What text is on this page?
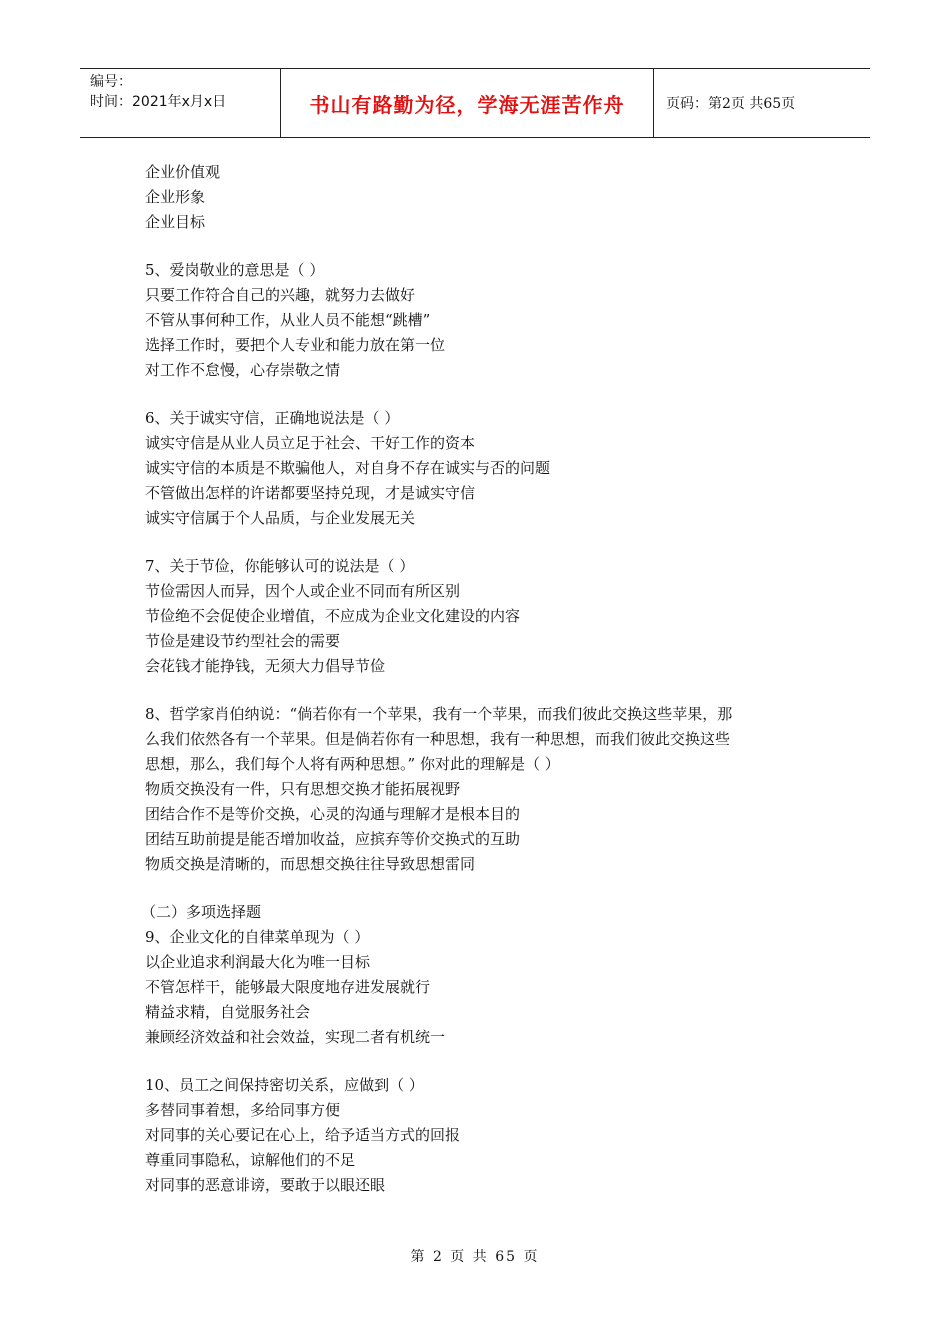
编号：
时间：2021年x月x日	书山有路勤为径，学海无涯苦作舟	页码：第2页 共65页

企业价值观

企业形象

企业目标

5、爱岗敬业的意思是（ ）

只要工作符合自己的兴趣，就努力去做好

不管从事何种工作，从业人员不能想“跳槽”

选择工作时，要把个人专业和能力放在第一位

对工作不怠慢，心存崇敬之情

6、关于诚实守信，正确地说法是（ ）

诚实守信是从业人员立足于社会、干好工作的资本

诚实守信的本质是不欺骗他人，对自身不存在诚实与否的问题

不管做出怎样的许诺都要坚持兑现，才是诚实守信

诚实守信属于个人品质，与企业发展无关

7、关于节俭，你能够认可的说法是（ ）

节俭需因人而异，因个人或企业不同而有所区别

节俭绝不会促使企业增值，不应成为企业文化建设的内容

节俭是建设节约型社会的需要

会花钱才能挣钱，无须大力倡导节俭

8、哲学家肖伯纳说：“倘若你有一个苹果，我有一个苹果，而我们彼此交换这些苹果，那

么我们依然各有一个苹果。但是倘若你有一种思想，我有一种思想，而我们彼此交换这些

思想，那么，我们每个人将有两种思想。” 你对此的理解是（ ）

物质交换没有一件，只有思想交换才能拓展视野

团结合作不是等价交换，心灵的沟通与理解才是根本目的

团结互助前提是能否增加收益，应摈弃等价交换式的互助

物质交换是清晰的，而思想交换往往导致思想雷同

（二）多项选择题

9、企业文化的自律菜单现为（ ）

以企业追求利润最大化为唯一目标

不管怎样干，能够最大限度地存进发展就行

精益求精，自觉服务社会

兼顾经济效益和社会效益，实现二者有机统一

10、员工之间保持密切关系，应做到（ ）

多替同事着想，多给同事方便

对同事的关心要记在心上，给予适当方式的回报

尊重同事隐私，谅解他们的不足

对同事的恶意诽谤，要敢于以眼还眼

第 2 页 共 65 页
